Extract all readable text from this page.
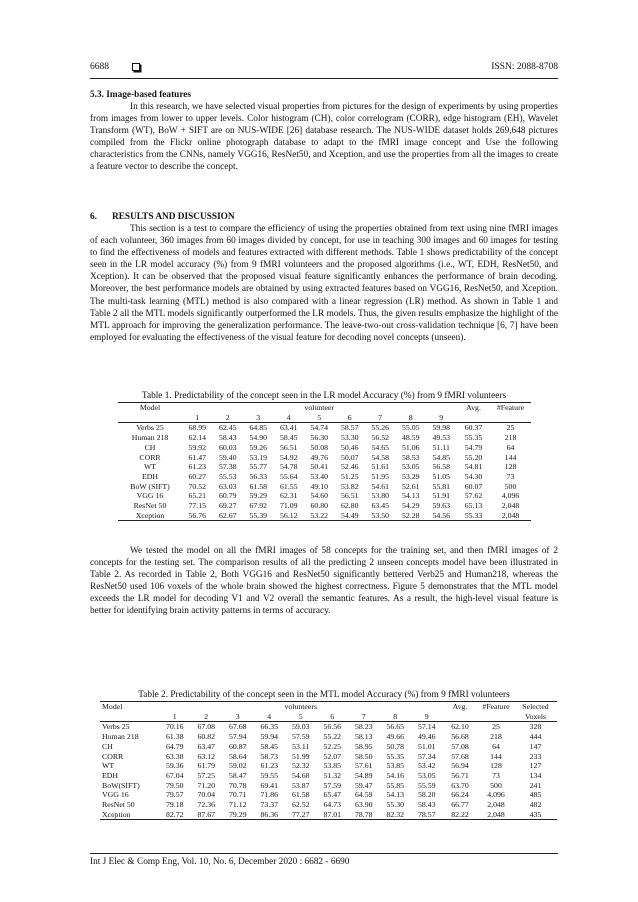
6688	ISSN: 2088-8708
5.3. Image-based features

In this research, we have selected visual properties from pictures for the design of experiments by using properties from images from lower to upper levels. Color histogram (CH), color correlogram (CORR), edge histogram (EH), Wavelet Transform (WT), BoW + SIFT are on NUS-WIDE [26] database research. The NUS-WIDE dataset holds 269,648 pictures compiled from the Flickr online photograph database to adapt to the fMRI image concept and Use the following characteristics from the CNNs, namely VGG16, ResNet50, and Xception, and use the properties from all the images to create a feature vector to describe the concept.

6. RESULTS AND DISCUSSION

This section is a test to compare the efficiency of using the properties obtained from text using nine fMRI images of each volunteer, 360 images from 60 images divided by concept, for use in teaching 300 images and 60 images for testing to find the effectiveness of models and features extracted with different methods. Table 1 shows predictability of the concept seen in the LR model accuracy (%) from 9 fMRI volunteers and the proposed algorithms (i.e., WT, EDH, ResNet50, and Xception). It can be observed that the proposed visual feature significantly enhances the performance of brain decoding. Moreover, the best performance models are obtained by using extracted features based on VGG16, ResNet50, and Xception. The multi-task learning (MTL) method is also compared with a linear regression (LR) method. As shown in Table 1 and Table 2 all the MTL models significantly outperformed the LR models. Thus, the given results emphasize the highlight of the MTL approach for improving the generalization performance. The leave-two-out cross-validation technique [6, 7] have been employed for evaluating the effectiveness of the visual feature for decoding novel concepts (unseen).

Table 1. Predictability of the concept seen in the LR model Accuracy (%) from 9 fMRI volunteers
Model	volunteer									Avg.	#Feature
	1	2	3	4	5	6	7	8	9		
Verbs 25	68.99	62.45	64.85	63.41	54.74	58.57	55.26	55.05	59.98	60.37	25
Human 218	62.14	58.43	54.90	58.45	56.30	53.30	56.52	48.59	49.53	55.35	218
CH	59.92	60.03	59.26	56.51	50.08	50.46	54.65	51.06	51.11	54.79	64
CORR	61.47	59.40	53.19	54.92	49.76	50.07	54.58	58.53	54.85	55.20	144
WT	61.23	57.38	55.77	54.78	50.41	52.46	51.61	53.05	56.58	54.81	128
EDH	60.27	55.53	56.33	55.64	53.40	51.25	51.95	53.29	51.05	54.30	73
BoW (SIFT)	70.52	63.03	61.58	61.55	49.10	53.82	54.61	52.61	55.81	60.07	500
VGG 16	65.21	60.79	59.29	62.31	54.60	56.51	53.80	54.13	51.91	57.62	4,096
ResNet 50	77.15	69.27	67.92	71.09	60.80	62.80	63.45	54.29	59.63	65.13	2,048
Xception	56.76	62.67	55.39	56.12	53.22	54.49	53.50	52.28	54.56	55.33	2,048

We tested the model on all the fMRI images of 58 concepts for the training set, and then fMRI images of 2 concepts for the testing set. The comparison results of all the predicting 2 unseen concepts model have been illustrated in Table 2. As recorded in Table 2, Both VGG16 and ResNet50 significantly bettered Verb25 and Human218, whereas the ResNet50 used 106 voxels of the whole brain showed the highest correctness. Figure 5 demonstrates that the MTL model exceeds the LR model for decoding V1 and V2 overall the semantic features. As a result, the high-level visual feature is better for identifying brain activity patterns in terms of accuracy.

Table 2. Predictability of the concept seen in the MTL model Accuracy (%) from 9 fMRI volunteers
Model	volunteers									Avg.	#Feature	Selected
	1	2	3	4	5	6	7	8	9			Voxels
Verbs 25	70.16	67.08	67.68	66.35	59.03	56.56	58.23	56.65	57.14	62.10	25	328
Human 218	61.38	60.82	57.94	59.94	57.59	55.22	58.13	49.66	49.46	56.68	218	444
CH	64.79	63.47	60.87	58.45	53.11	52.25	58.95	50.78	51.01	57.08	64	147
CORR	63.38	63.12	58.64	58.73	51.99	52.07	58.50	55.35	57.34	57.68	144	233
WT	59.36	61.79	59.02	61.23	52.32	53.85	57.61	53.85	53.42	56.94	128	127
EDH	67.04	57.25	58.47	59.55	54.68	51.32	54.89	54.16	53.05	56.71	73	134
BoW(SIFT)	79.50	71.20	70.78	69.41	53.87	57.59	59.47	55.85	55.59	63.70	500	241
VGG 16	79.57	70.04	70.71	71.86	61.58	65.47	64.59	54.13	58.20	66.24	4,096	485
ResNet 50	79.18	72.36	71.12	73.37	62.52	64.73	63.90	55.30	58.43	66.77	2,048	482
Xception	82.72	87.67	79.29	86.36	77.27	87.01	78.78	82.32	78.57	82.22	2,048	435
Int J Elec & Comp Eng, Vol. 10, No. 6, December 2020 : 6682 - 6690
